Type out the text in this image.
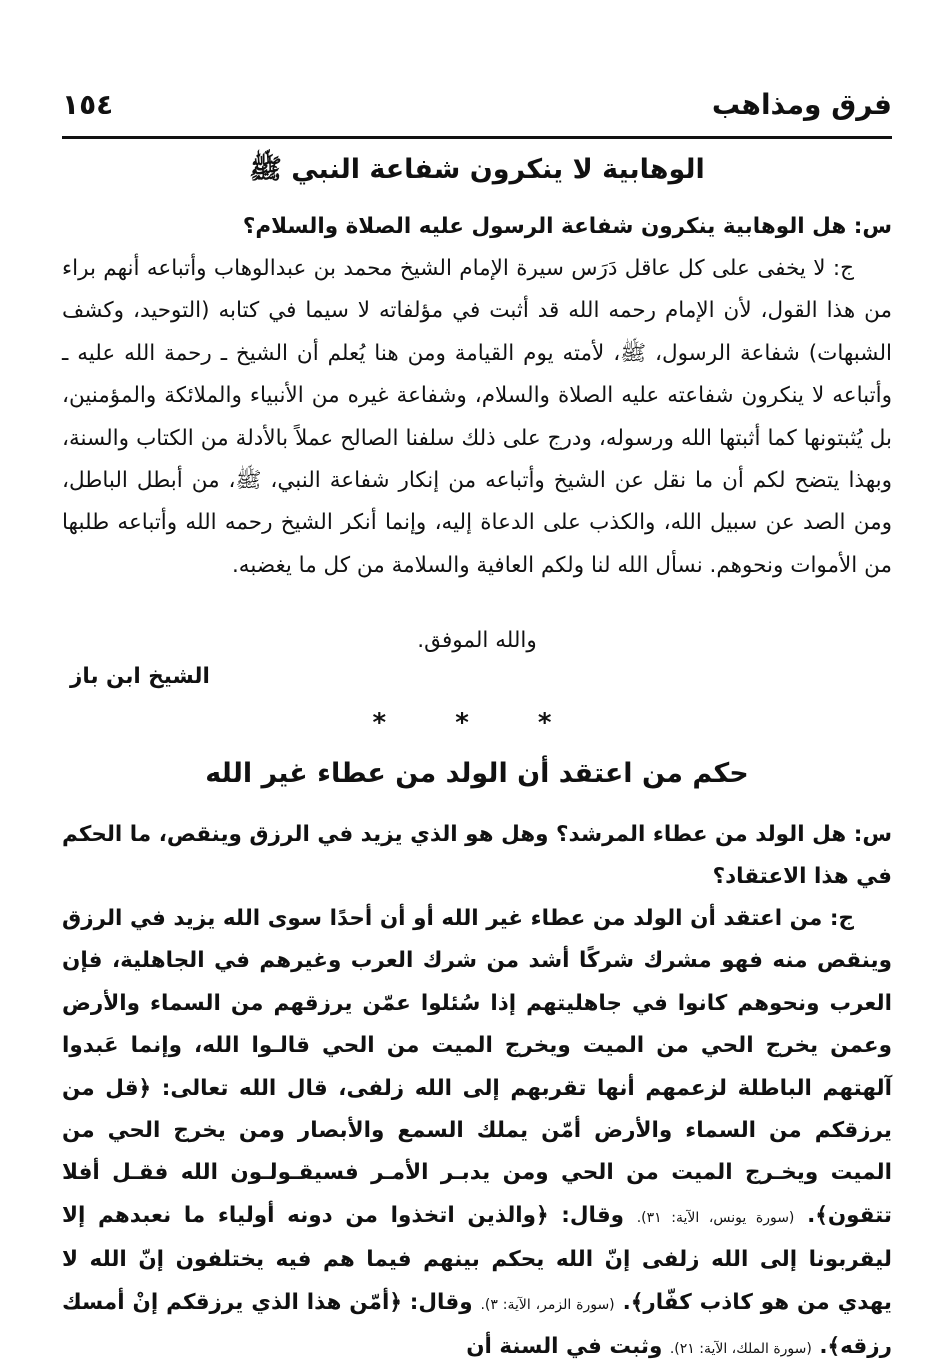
فرق ومذاهب
١٥٤
الوهابية لا ينكرون شفاعة النبي ﷺ
س: هل الوهابية ينكرون شفاعة الرسول عليه الصلاة والسلام؟
ج: لا يخفى على كل عاقل دَرَس سيرة الإمام الشيخ محمد بن عبدالوهاب وأتباعه أنهم براء من هذا القول، لأن الإمام رحمه الله قد أثبت في مؤلفاته لا سيما في كتابه (التوحيد، وكشف الشبهات) شفاعة الرسول، ﷺ، لأمته يوم القيامة ومن هنا يُعلم أن الشيخ ـ رحمة الله عليه ـ وأتباعه لا ينكرون شفاعته عليه الصلاة والسلام، وشفاعة غيره من الأنبياء والملائكة والمؤمنين، بل يُثبتونها كما أثبتها الله ورسوله، ودرج على ذلك سلفنا الصالح عملاً بالأدلة من الكتاب والسنة، وبهذا يتضح لكم أن ما نقل عن الشيخ وأتباعه من إنكار شفاعة النبي، ﷺ، من أبطل الباطل، ومن الصد عن سبيل الله، والكذب على الدعاة إليه، وإنما أنكر الشيخ رحمه الله وأتباعه طلبها من الأموات ونحوهم. نسأل الله لنا ولكم العافية والسلامة من كل ما يغضبه.
والله الموفق.
الشيخ ابن باز
* * *
حكم من اعتقد أن الولد من عطاء غير الله
س: هل الولد من عطاء المرشد؟ وهل هو الذي يزيد في الرزق وينقص، ما الحكم في هذا الاعتقاد؟
ج: من اعتقد أن الولد من عطاء غير الله أو أن أحدًا سوى الله يزيد في الرزق وينقص منه فهو مشرك شركًا أشد من شرك العرب وغيرهم في الجاهلية، فإن العرب ونحوهم كانوا في جاهليتهم إذا سُئلوا عمّن يرزقهم من السماء والأرض وعمن يخرج الحي من الميت ويخرج الميت من الحي قالـوا الله، وإنما عَبدوا آلهتهم الباطلة لزعمهم أنها تقربهم إلى الله زلفى، قال الله تعالى: ﴿قل من يرزقكم من السماء والأرض أمّن يملك السمع والأبصار ومن يخرج الحي من الميت ويخـرج الميت من الحي ومن يدبـر الأمـر فسيقـولـون الله فقـل أفلا تتقون﴾. (سورة يونس، الآية: ٣١). وقال: ﴿والذين اتخذوا من دونه أولياء ما نعبدهم إلا ليقربونا إلى الله زلفى إنّ الله يحكم بينهم فيما هم فيه يختلفون إنّ الله لا يهدي من هو كاذب كفّار﴾. (سورة الزمر، الآية: ٣). وقال: ﴿أمّن هذا الذي يرزقكم إنْ أمسك رزقه﴾. (سورة الملك، الآية: ٢١). وثبت في السنة أن
